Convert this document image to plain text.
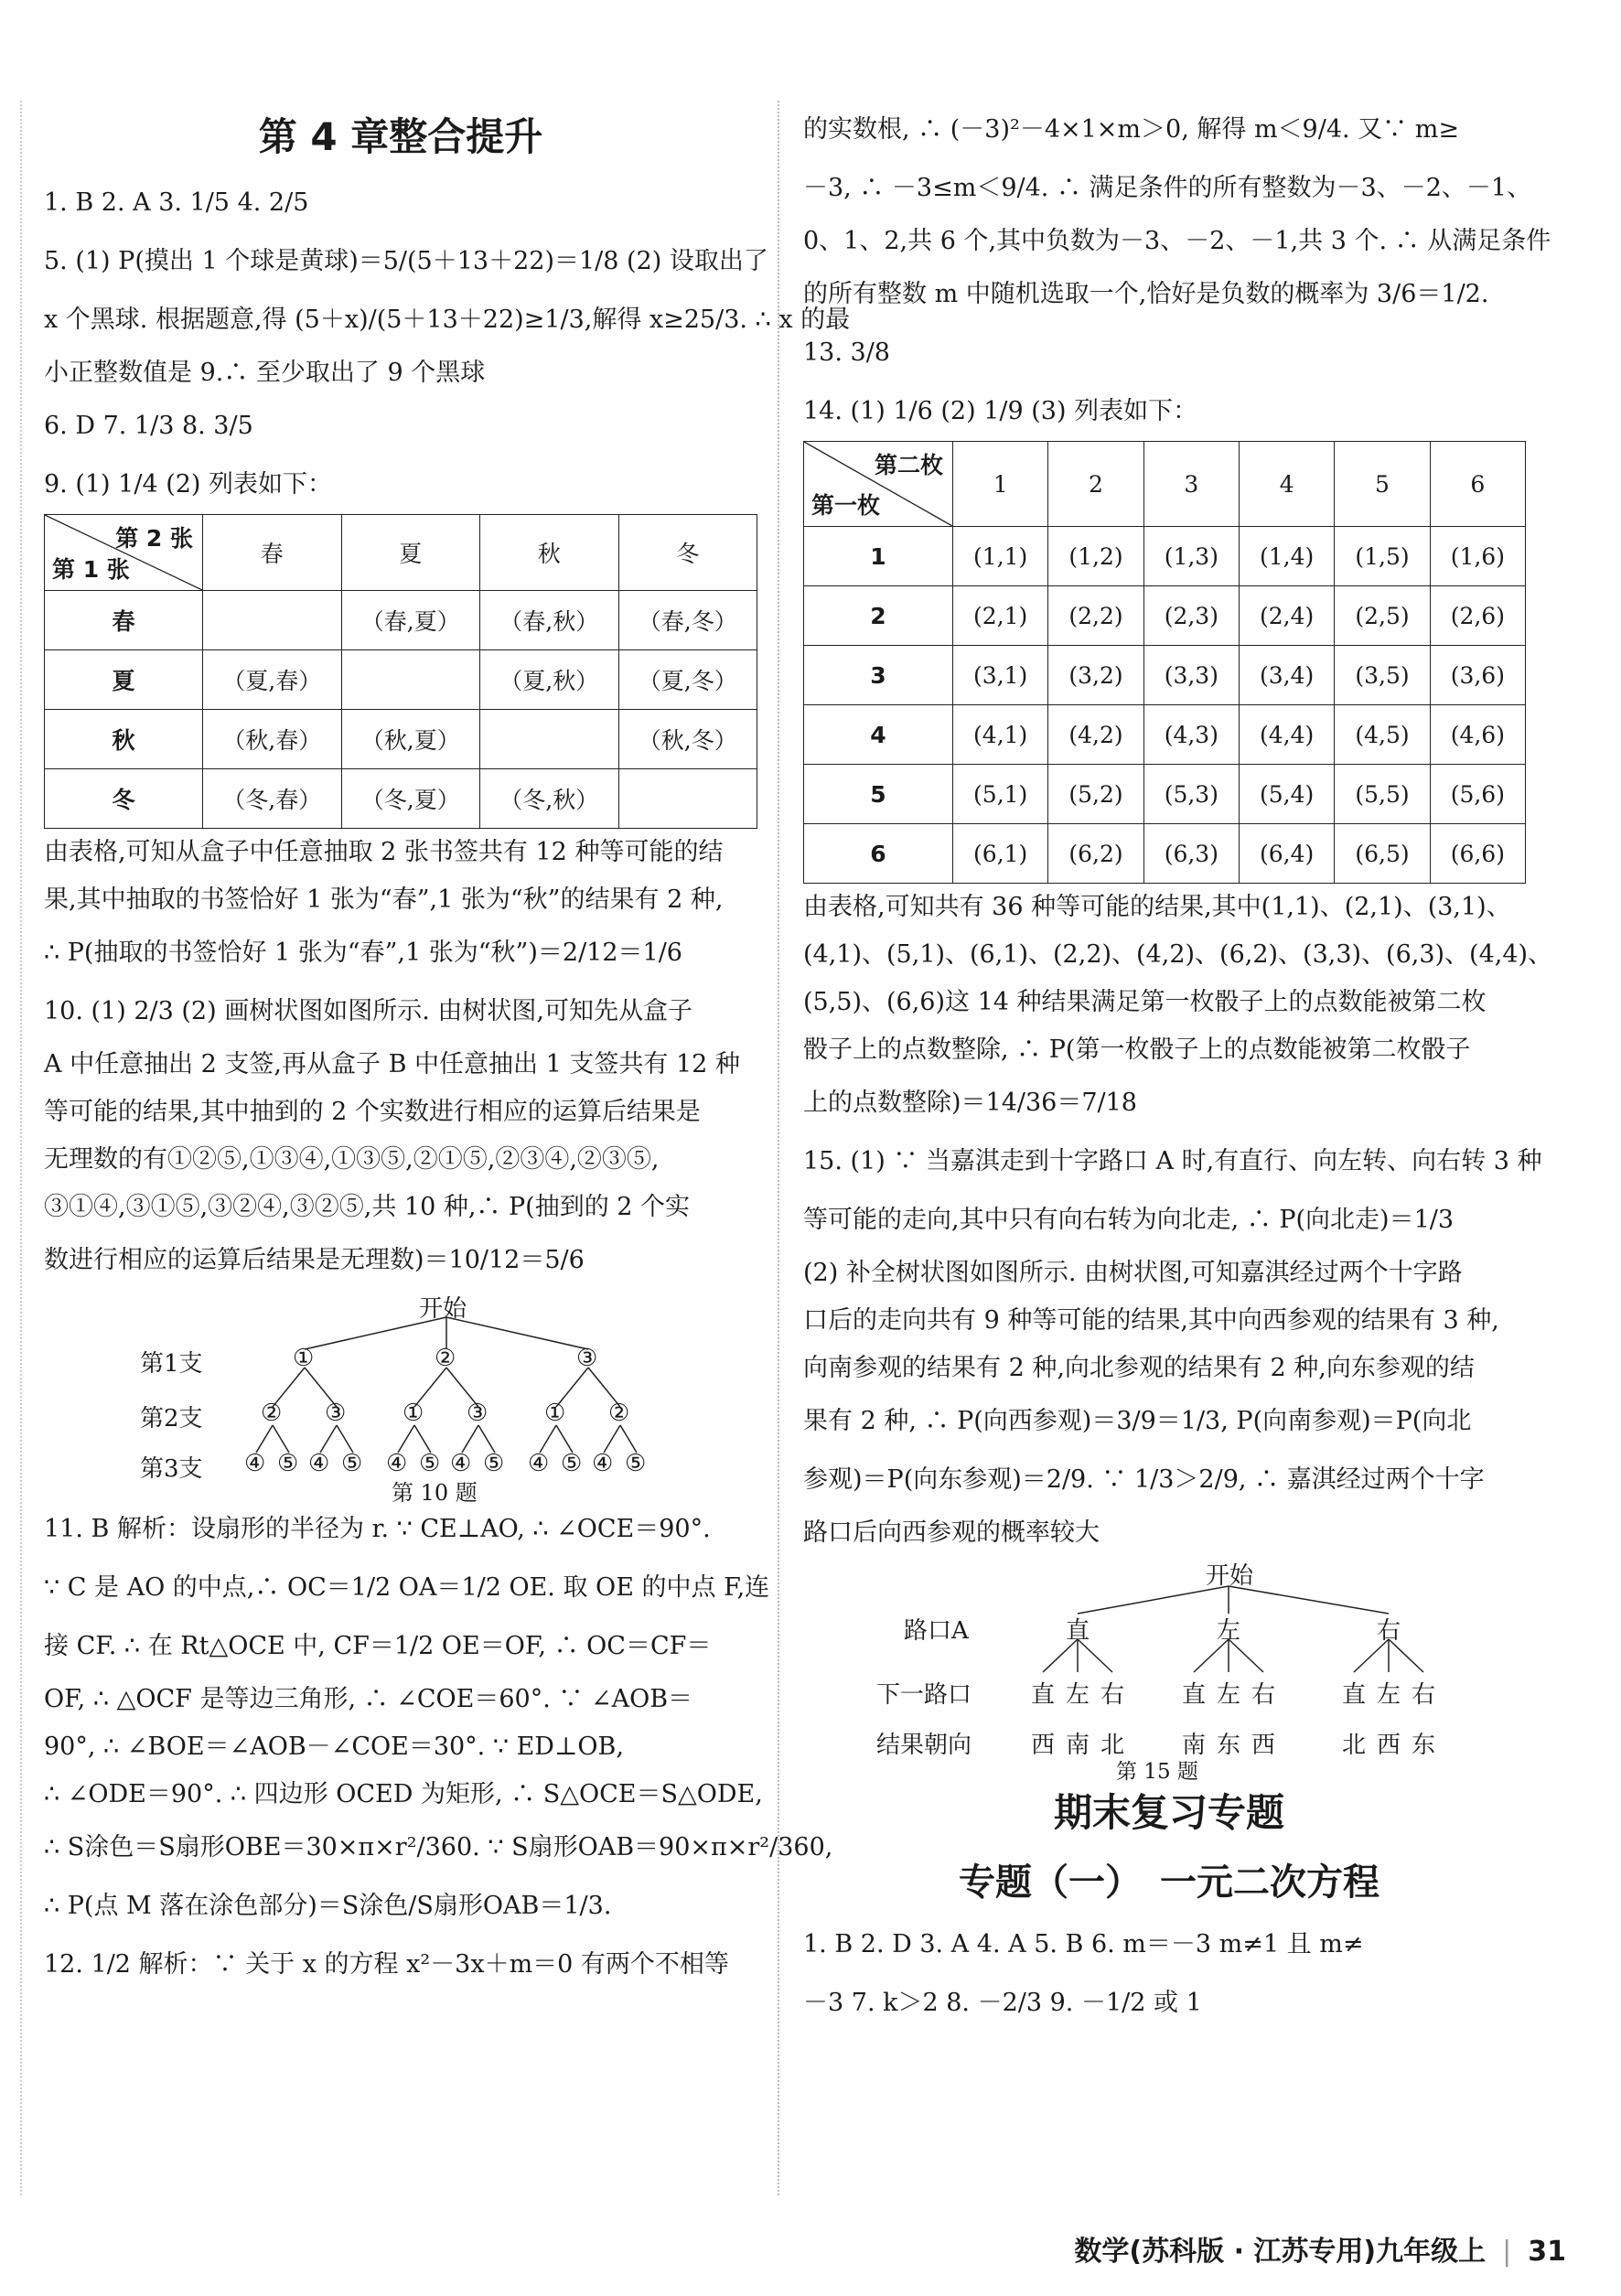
第 4 章整合提升
1. B 2. A 3. 1/5 4. 2/5
5. (1) P(摸出 1 个球是黄球)＝5/(5＋13＋22)＝1/8 (2) 设取出了
x 个黑球. 根据题意,得 (5＋x)/(5＋13＋22)≥1/3,解得 x≥25/3. ∴ x 的最
小正整数值是 9.∴ 至少取出了 9 个黑球
6. D 7. 1/3 8. 3/5
9. (1) 1/4 (2) 列表如下：
第 2 张
第 1 张	春	夏	秋	冬
春		（春,夏）	（春,秋）	（春,冬）
夏	（夏,春）		（夏,秋）	（夏,冬）
秋	（秋,春）	（秋,夏）		（秋,冬）
冬	（冬,春）	（冬,夏）	（冬,秋）	
由表格,可知从盒子中任意抽取 2 张书签共有 12 种等可能的结
果,其中抽取的书签恰好 1 张为“春”,1 张为“秋”的结果有 2 种,
∴ P(抽取的书签恰好 1 张为“春”,1 张为“秋”)＝2/12＝1/6
10. (1) 2/3 (2) 画树状图如图所示. 由树状图,可知先从盒子
A 中任意抽出 2 支签,再从盒子 B 中任意抽出 1 支签共有 12 种
等可能的结果,其中抽到的 2 个实数进行相应的运算后结果是
无理数的有①②⑤,①③④,①③⑤,②①⑤,②③④,②③⑤,
③①④,③①⑤,③②④,③②⑤,共 10 种,∴ P(抽到的 2 个实
数进行相应的运算后结果是无理数)＝10/12＝5/6
开始
第1支
第2支
第3支
①	②	③
② ③ ① ③ ① ②
④ ⑤ ④ ⑤ ④ ⑤ ④ ⑤ ④ ⑤ ④ ⑤
第 10 题
11. B 解析：设扇形的半径为 r. ∵ CE⊥AO, ∴ ∠OCE＝90°.
∵ C 是 AO 的中点,∴ OC＝1/2 OA＝1/2 OE. 取 OE 的中点 F,连
接 CF. ∴ 在 Rt△OCE 中, CF＝1/2 OE＝OF, ∴ OC＝CF＝
OF, ∴ △OCF 是等边三角形, ∴ ∠COE＝60°. ∵ ∠AOB＝
90°, ∴ ∠BOE＝∠AOB－∠COE＝30°. ∵ ED⊥OB,
∴ ∠ODE＝90°. ∴ 四边形 OCED 为矩形, ∴ S△OCE＝S△ODE,
∴ S涂色＝S扇形OBE＝30×π×r²/360. ∵ S扇形OAB＝90×π×r²/360,
∴ P(点 M 落在涂色部分)＝S涂色/S扇形OAB＝1/3.
12. 1/2 解析：∵ 关于 x 的方程 x²－3x＋m＝0 有两个不相等
的实数根, ∴ (－3)²－4×1×m＞0, 解得 m＜9/4. 又∵ m≥
－3, ∴ －3≤m＜9/4. ∴ 满足条件的所有整数为－3、－2、－1、
0、1、2,共 6 个,其中负数为－3、－2、－1,共 3 个. ∴ 从满足条件
的所有整数 m 中随机选取一个,恰好是负数的概率为 3/6＝1/2.
13. 3/8
14. (1) 1/6 (2) 1/9 (3) 列表如下：
第二枚
第一枚	1	2	3	4	5	6
1	(1,1)	(1,2)	(1,3)	(1,4)	(1,5)	(1,6)
2	(2,1)	(2,2)	(2,3)	(2,4)	(2,5)	(2,6)
3	(3,1)	(3,2)	(3,3)	(3,4)	(3,5)	(3,6)
4	(4,1)	(4,2)	(4,3)	(4,4)	(4,5)	(4,6)
5	(5,1)	(5,2)	(5,3)	(5,4)	(5,5)	(5,6)
6	(6,1)	(6,2)	(6,3)	(6,4)	(6,5)	(6,6)
由表格,可知共有 36 种等可能的结果,其中(1,1)、(2,1)、(3,1)、
(4,1)、(5,1)、(6,1)、(2,2)、(4,2)、(6,2)、(3,3)、(6,3)、(4,4)、
(5,5)、(6,6)这 14 种结果满足第一枚骰子上的点数能被第二枚
骰子上的点数整除, ∴ P(第一枚骰子上的点数能被第二枚骰子
上的点数整除)＝14/36＝7/18
15. (1) ∵ 当嘉淇走到十字路口 A 时,有直行、向左转、向右转 3 种
等可能的走向,其中只有向右转为向北走, ∴ P(向北走)＝1/3
(2) 补全树状图如图所示. 由树状图,可知嘉淇经过两个十字路
口后的走向共有 9 种等可能的结果,其中向西参观的结果有 3 种,
向南参观的结果有 2 种,向北参观的结果有 2 种,向东参观的结
果有 2 种, ∴ P(向西参观)＝3/9＝1/3, P(向南参观)＝P(向北
参观)＝P(向东参观)＝2/9. ∵ 1/3＞2/9, ∴ 嘉淇经过两个十字
路口后向西参观的概率较大
开始
路口A
下一路口
结果朝向
直	左	右
直 左 右 直 左 右	直 左 右
西 南 北 南 东 西	北 西 东
第 15 题
期末复习专题
专题（一）　一元二次方程
1. B 2. D 3. A 4. A 5. B 6. m＝－3 m≠1 且 m≠
－3 7. k＞2 8. －2/3 9. －1/2 或 1
数学(苏科版 · 江苏专用)九年级上 | 31
